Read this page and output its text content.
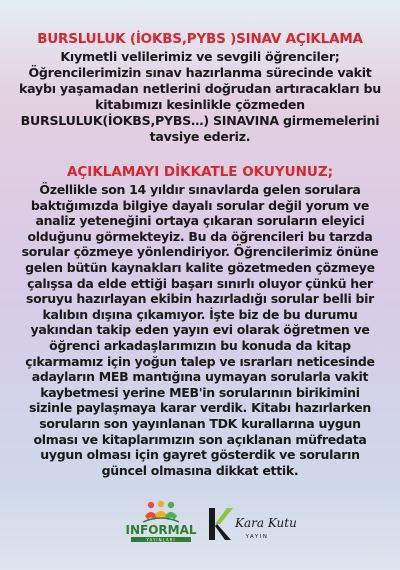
BURSLULUK (İOKBS,PYBS )SINAV AÇIKLAMA
Kıymetli velilerimiz ve sevgili öğrenciler;
Öğrencilerimizin sınav hazırlanma sürecinde vakit
kaybı yaşamadan netlerini doğrudan artıracakları bu
kitabımızı kesinlikle çözmeden
BURSLULUK(İOKBS,PYBS…) SINAVINA girmemelerini
tavsiye ederiz.
AÇIKLAMAYI DİKKATLE OKUYUNUZ;
Özellikle son 14 yıldır sınavlarda gelen sorulara
baktığımızda bilgiye dayalı sorular değil yorum ve
analiz yeteneğini ortaya çıkaran soruların eleyici
olduğunu görmekteyiz. Bu da öğrencileri bu tarzda
sorular çözmeye yönlendiriyor. Öğrencilerimiz önüne
gelen bütün kaynakları kalite gözetmeden çözmeye
çalışsa da elde ettiği başarı sınırlı oluyor çünkü her
soruyu hazırlayan ekibin hazırladığı sorular belli bir
kalıbın dışına çıkamıyor. İşte biz de bu durumu
yakından takip eden yayın evi olarak öğretmen ve
öğrenci arkadaşlarımızın bu konuda da kitap
çıkarmamız için yoğun talep ve ısrarları neticesinde
adayların MEB mantığına uymayan sorularla vakit
kaybetmesi yerine MEB'in sorularının birikimini
sizinle paylaşmaya karar verdik. Kitabı hazırlarken
soruların son yayınlanan TDK kurallarına uygun
olması ve kitaplarımızın son açıklanan müfredata
uygun olması için gayret gösterdik ve soruların
güncel olmasına dikkat ettik.
INFORMAL
YAYINLARI
Kara Kutu
YAYIN
